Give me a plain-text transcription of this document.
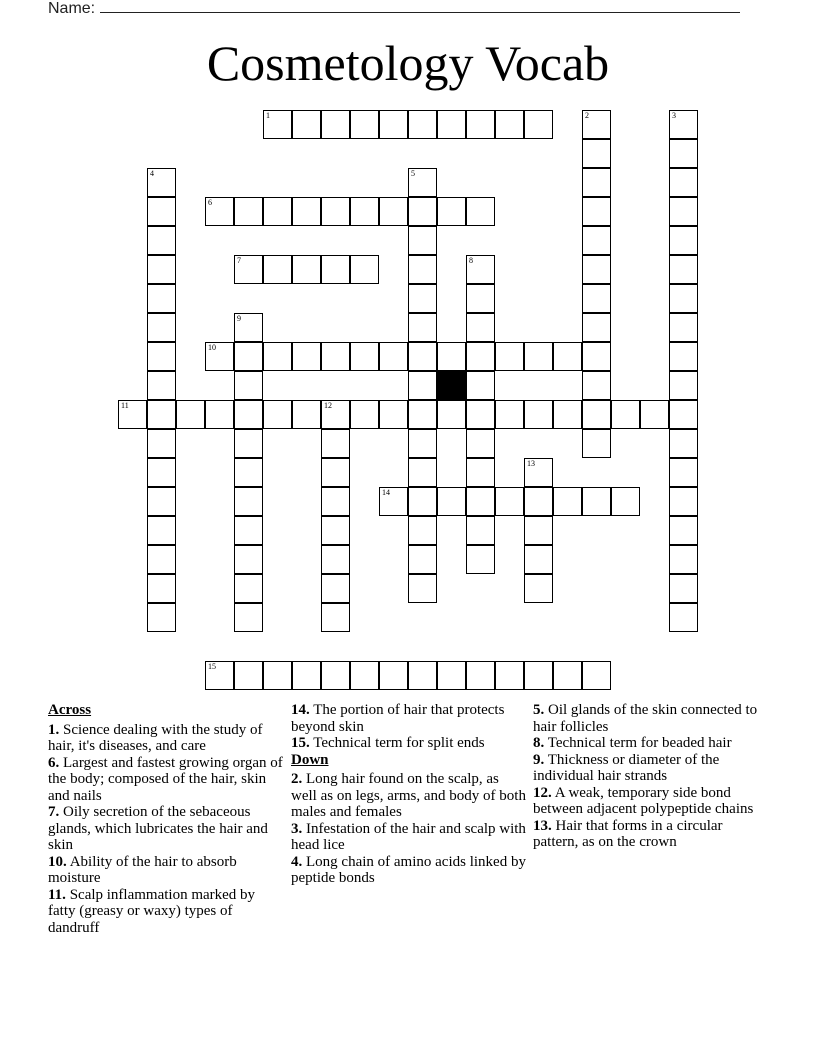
Name:
Cosmetology Vocab
1	2	3
4	5
6
7	8
9
10
11	12
13
14
15
Across
1. Science dealing with the study of hair, it's diseases, and care
6. Largest and fastest growing organ of the body; composed of the hair, skin and nails
7. Oily secretion of the sebaceous glands, which lubricates the hair and skin
10. Ability of the hair to absorb moisture
11. Scalp inflammation marked by fatty (greasy or waxy) types of dandruff
14. The portion of hair that protects beyond skin
15. Technical term for split ends
Down
2. Long hair found on the scalp, as well as on legs, arms, and body of both males and females
3. Infestation of the hair and scalp with head lice
4. Long chain of amino acids linked by peptide bonds
5. Oil glands of the skin connected to hair follicles
8. Technical term for beaded hair
9. Thickness or diameter of the individual hair strands
12. A weak, temporary side bond between adjacent polypeptide chains
13. Hair that forms in a circular pattern, as on the crown
